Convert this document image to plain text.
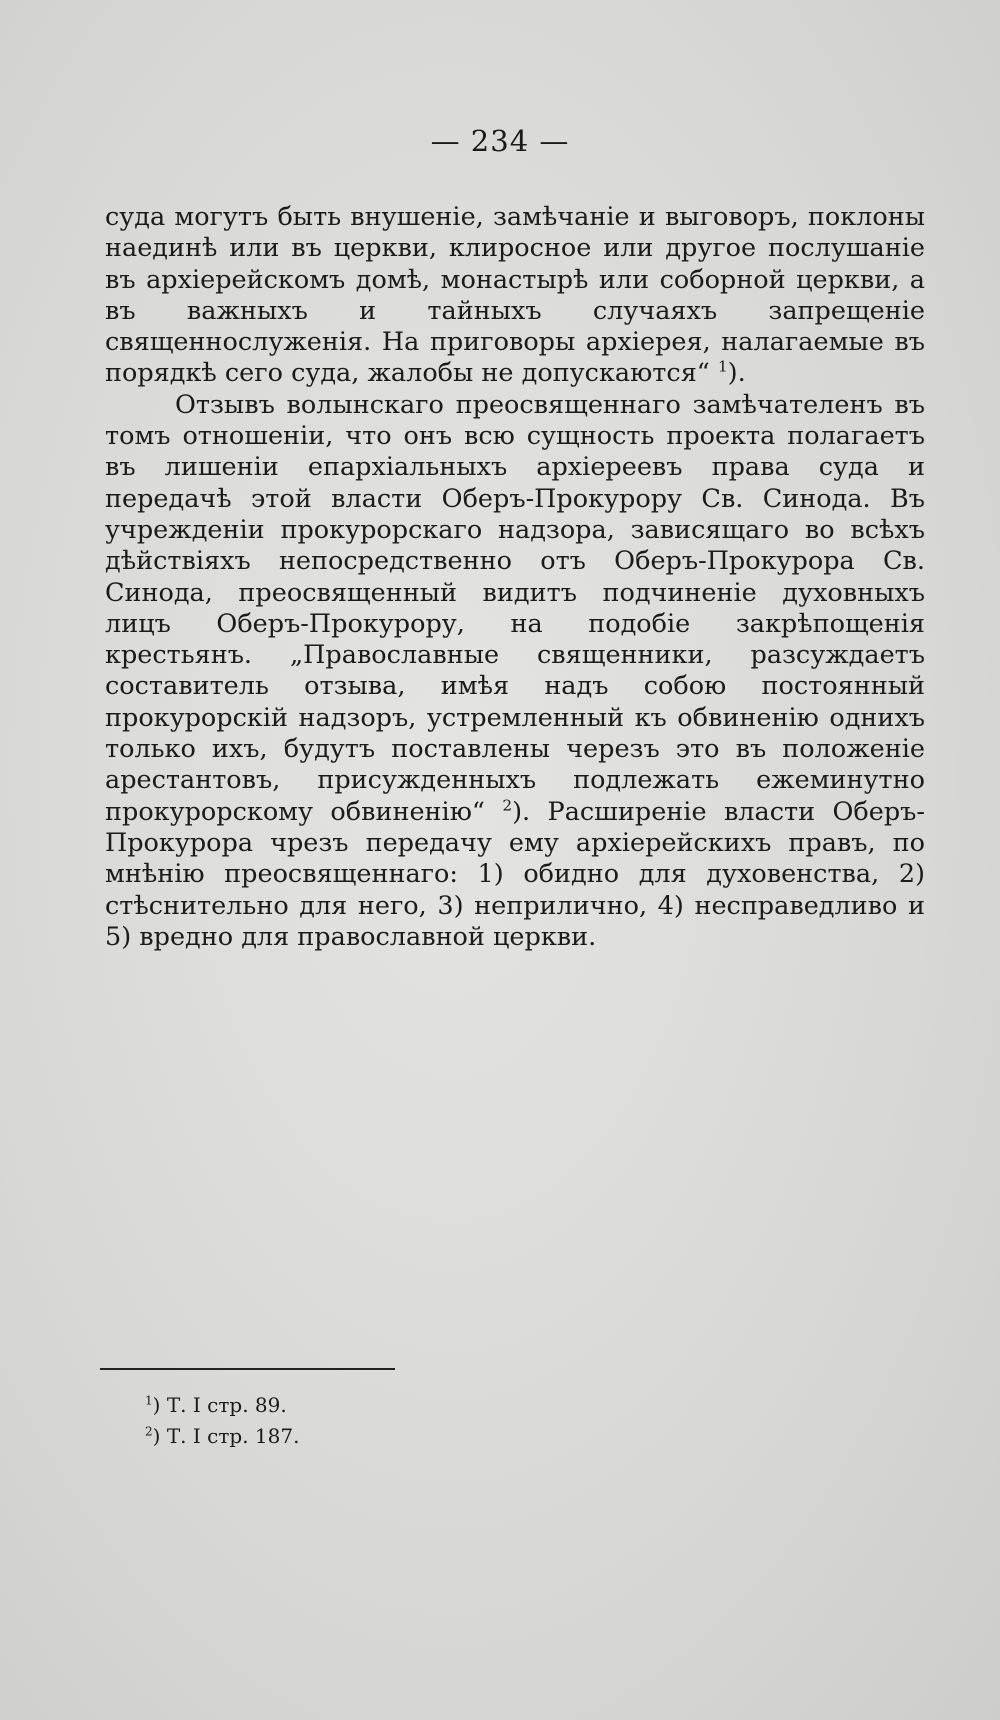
— 234 —

суда могутъ быть внушеніе, замѣчаніе и выговоръ, поклоны наединѣ или въ церкви, клиросное или другое послушаніе въ архіерейскомъ домѣ, монастырѣ или соборной церкви, а въ важныхъ и тайныхъ случаяхъ запрещеніе священнослуженія. На приговоры архіерея, налагаемые въ порядкѣ сего суда, жалобы не допускаются“ $^1$).

Отзывъ волынскаго преосвященнаго замѣчателенъ въ томъ отношеніи, что онъ всю сущность проекта полагаетъ въ лишеніи епархіальныхъ архіереевъ права суда и передачѣ этой власти Оберъ-Прокурору Св. Синода. Въ учрежденіи прокурорскаго надзора, зависящаго во всѣхъ дѣйствіяхъ непосредственно отъ Оберъ-Прокурора Св. Синода, преосвященный видитъ подчиненіе духовныхъ лицъ Оберъ-Прокурору, на подобіе закрѣпощенія крестьянъ. „Православные священники, разсуждаетъ составитель отзыва, имѣя надъ собою постоянный прокурорскій надзоръ, устремленный къ обвиненію однихъ только ихъ, будутъ поставлены черезъ это въ положеніе арестантовъ, присужденныхъ подлежать ежеминутно прокурорскому обвиненію“ $^2$). Расширеніе власти Оберъ-Прокурора чрезъ передачу ему архіерейскихъ правъ, по мнѣнію преосвященнаго: 1) обидно для духовенства, 2) стѣснительно для него, 3) неприлично, 4) несправедливо и 5) вредно для православной церкви.

$^1$) Т. I стр. 89.
$^2$) Т. I стр. 187.
